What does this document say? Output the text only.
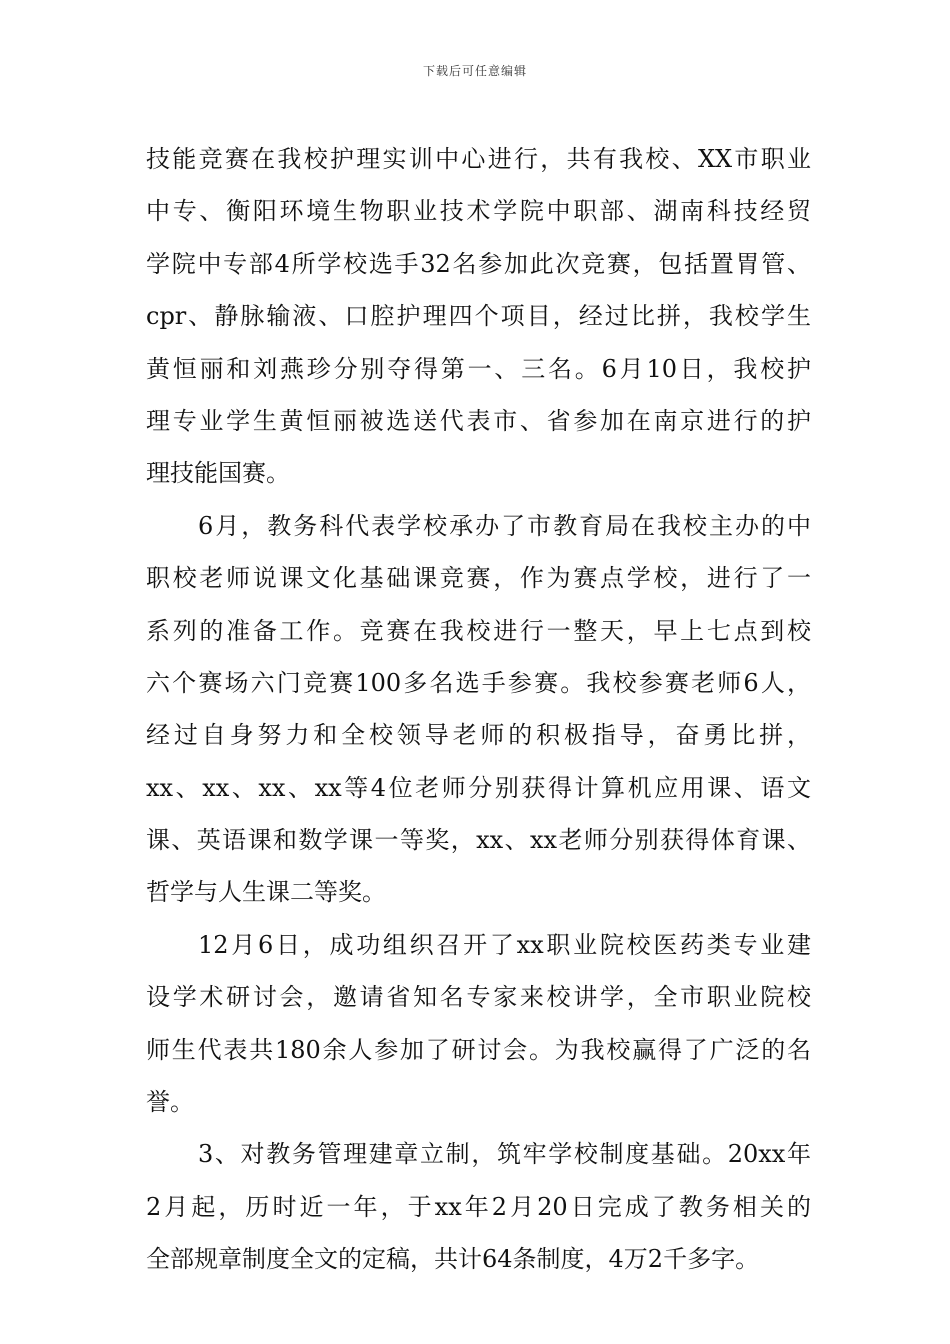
下载后可任意编辑
技能竞赛在我校护理实训中心进行，共有我校、XX市职业
中专、衡阳环境生物职业技术学院中职部、湖南科技经贸
学院中专部4所学校选手32名参加此次竞赛，包括置胃管、
cpr、静脉输液、口腔护理四个项目，经过比拼，我校学生
黄恒丽和刘燕珍分别夺得第一、三名。6月10日，我校护
理专业学生黄恒丽被选送代表市、省参加在南京进行的护
理技能国赛。
6月，教务科代表学校承办了市教育局在我校主办的中
职校老师说课文化基础课竞赛，作为赛点学校，进行了一
系列的准备工作。竞赛在我校进行一整天，早上七点到校
六个赛场六门竞赛100多名选手参赛。我校参赛老师6人，
经过自身努力和全校领导老师的积极指导，奋勇比拼，
xx、xx、xx、xx等4位老师分别获得计算机应用课、语文
课、英语课和数学课一等奖，xx、xx老师分别获得体育课、
哲学与人生课二等奖。
12月6日，成功组织召开了xx职业院校医药类专业建
设学术研讨会，邀请省知名专家来校讲学，全市职业院校
师生代表共180余人参加了研讨会。为我校赢得了广泛的名
誉。
3、对教务管理建章立制，筑牢学校制度基础。20xx年
2月起，历时近一年，于xx年2月20日完成了教务相关的
全部规章制度全文的定稿，共计64条制度，4万2千多字。
